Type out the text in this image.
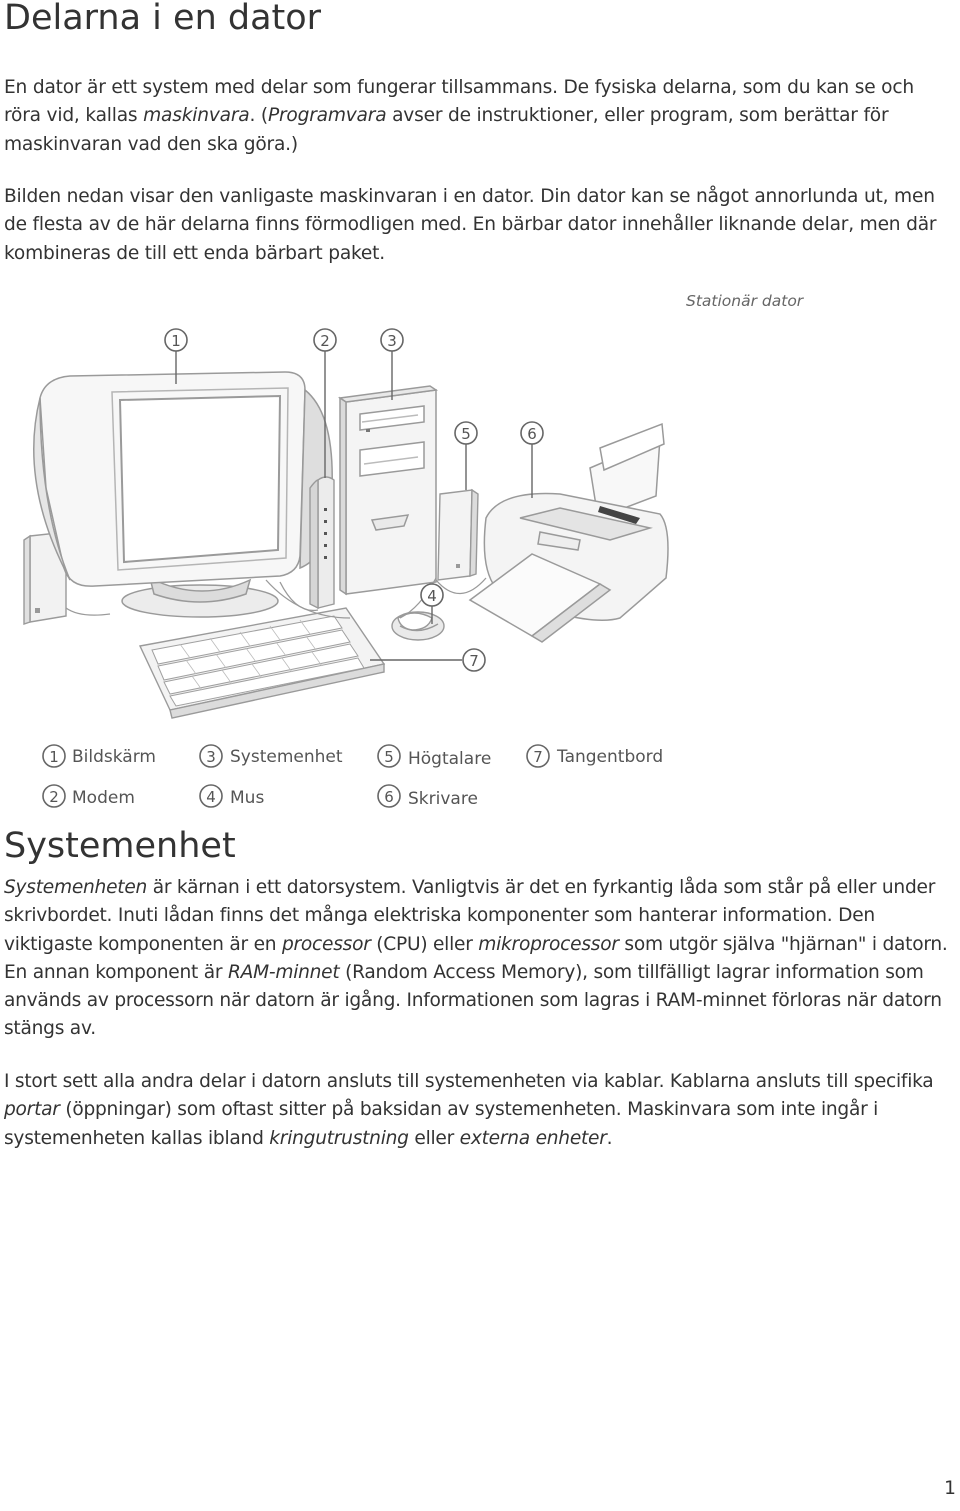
Delarna i en dator

En dator är ett system med delar som fungerar tillsammans. De fysiska delarna, som du kan se och röra vid, kallas maskinvara. (Programvara avser de instruktioner, eller program, som berättar för maskinvaran vad den ska göra.)

Bilden nedan visar den vanligaste maskinvaran i en dator. Din dator kan se något annorlunda ut, men de flesta av de här delarna finns förmodligen med. En bärbar dator innehåller liknande delar, men där kombineras de till ett enda bärbart paket.

Stationär dator
1	2	3
4
5	6
7
1 Bildskärm
2 Modem
3 Systemenhet
4 Mus
5 Högtalare
6 Skrivare
7 Tangentbord
Systemenhet

Systemenheten är kärnan i ett datorsystem. Vanligtvis är det en fyrkantig låda som står på eller under skrivbordet. Inuti lådan finns det många elektriska komponenter som hanterar information. Den viktigaste komponenten är en processor (CPU) eller mikroprocessor som utgör själva "hjärnan" i datorn. En annan komponent är RAM-minnet (Random Access Memory), som tillfälligt lagrar information som används av processorn när datorn är igång. Informationen som lagras i RAM-minnet förloras när datorn stängs av.

I stort sett alla andra delar i datorn ansluts till systemenheten via kablar. Kablarna ansluts till specifika portar (öppningar) som oftast sitter på baksidan av systemenheten. Maskinvara som inte ingår i systemenheten kallas ibland kringutrustning eller externa enheter.

1
